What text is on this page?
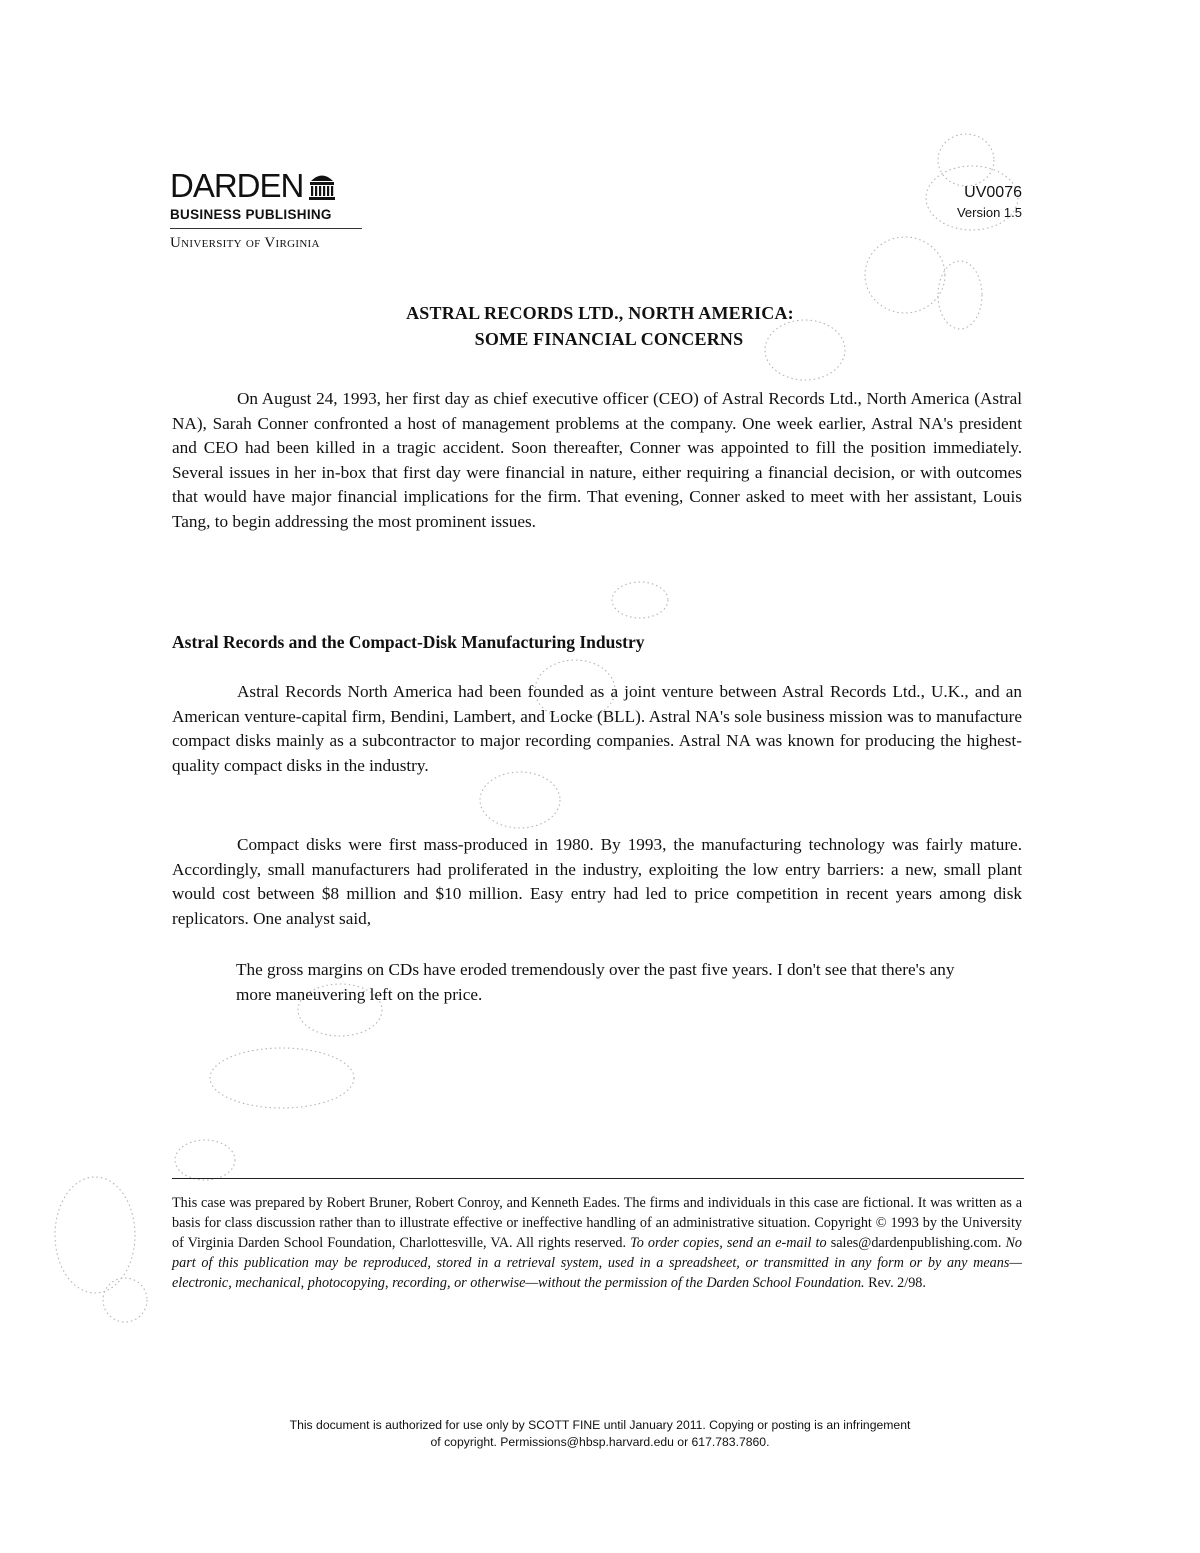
DARDEN
BUSINESS PUBLISHING
University of Virginia
UV0076
Version 1.5
ASTRAL RECORDS LTD., NORTH AMERICA:
SOME FINANCIAL CONCERNS

On August 24, 1993, her first day as chief executive officer (CEO) of Astral Records Ltd., North America (Astral NA), Sarah Conner confronted a host of management problems at the company. One week earlier, Astral NA's president and CEO had been killed in a tragic accident. Soon thereafter, Conner was appointed to fill the position immediately. Several issues in her in-box that first day were financial in nature, either requiring a financial decision, or with outcomes that would have major financial implications for the firm. That evening, Conner asked to meet with her assistant, Louis Tang, to begin addressing the most prominent issues.

Astral Records and the Compact-Disk Manufacturing Industry

Astral Records North America had been founded as a joint venture between Astral Records Ltd., U.K., and an American venture-capital firm, Bendini, Lambert, and Locke (BLL). Astral NA's sole business mission was to manufacture compact disks mainly as a subcontractor to major recording companies. Astral NA was known for producing the highest-quality compact disks in the industry.

Compact disks were first mass-produced in 1980. By 1993, the manufacturing technology was fairly mature. Accordingly, small manufacturers had proliferated in the industry, exploiting the low entry barriers: a new, small plant would cost between $8 million and $10 million. Easy entry had led to price competition in recent years among disk replicators. One analyst said,

The gross margins on CDs have eroded tremendously over the past five years. I don't see that there's any more maneuvering left on the price.

This case was prepared by Robert Bruner, Robert Conroy, and Kenneth Eades. The firms and individuals in this case are fictional. It was written as a basis for class discussion rather than to illustrate effective or ineffective handling of an administrative situation. Copyright © 1993 by the University of Virginia Darden School Foundation, Charlottesville, VA. All rights reserved. To order copies, send an e-mail to sales@dardenpublishing.com. No part of this publication may be reproduced, stored in a retrieval system, used in a spreadsheet, or transmitted in any form or by any means—electronic, mechanical, photocopying, recording, or otherwise—without the permission of the Darden School Foundation. Rev. 2/98.
This document is authorized for use only by SCOTT FINE until January 2011. Copying or posting is an infringement
of copyright. Permissions@hbsp.harvard.edu or 617.783.7860.
